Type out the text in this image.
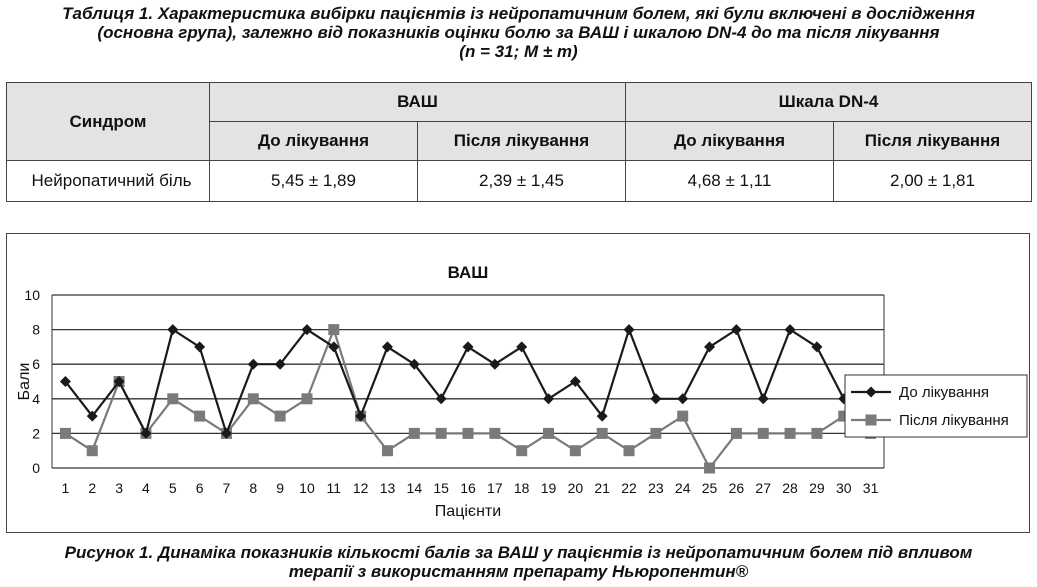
Таблиця 1. Характеристика вибірки пацієнтів із нейропатичним болем, які були включені в дослідження
(основна група), залежно від показників оцінки болю за ВАШ і шкалою DN-4 до та після лікування
(n = 31; M ± m)
Синдром	ВАШ		Шкала DN-4	
	До лікування	Після лікування	До лікування	Після лікування
Нейропатичний біль	5,45 ± 1,89	2,39 ± 1,45	4,68 ± 1,11	2,00 ± 1,81
ВАШ
0
2
4
6
8
10
1 2 3 4 5 6 7 8 9 10 11 12 13 14 15 16 17 18 19 20 21 22 23 24 25 26 27 28 29 30 31
Пацієнти
Бали	До лікування
Після лікування
Рисунок 1. Динаміка показників кількості балів за ВАШ у пацієнтів із нейропатичним болем під впливом
терапії з використанням препарату Ньюропентин®
